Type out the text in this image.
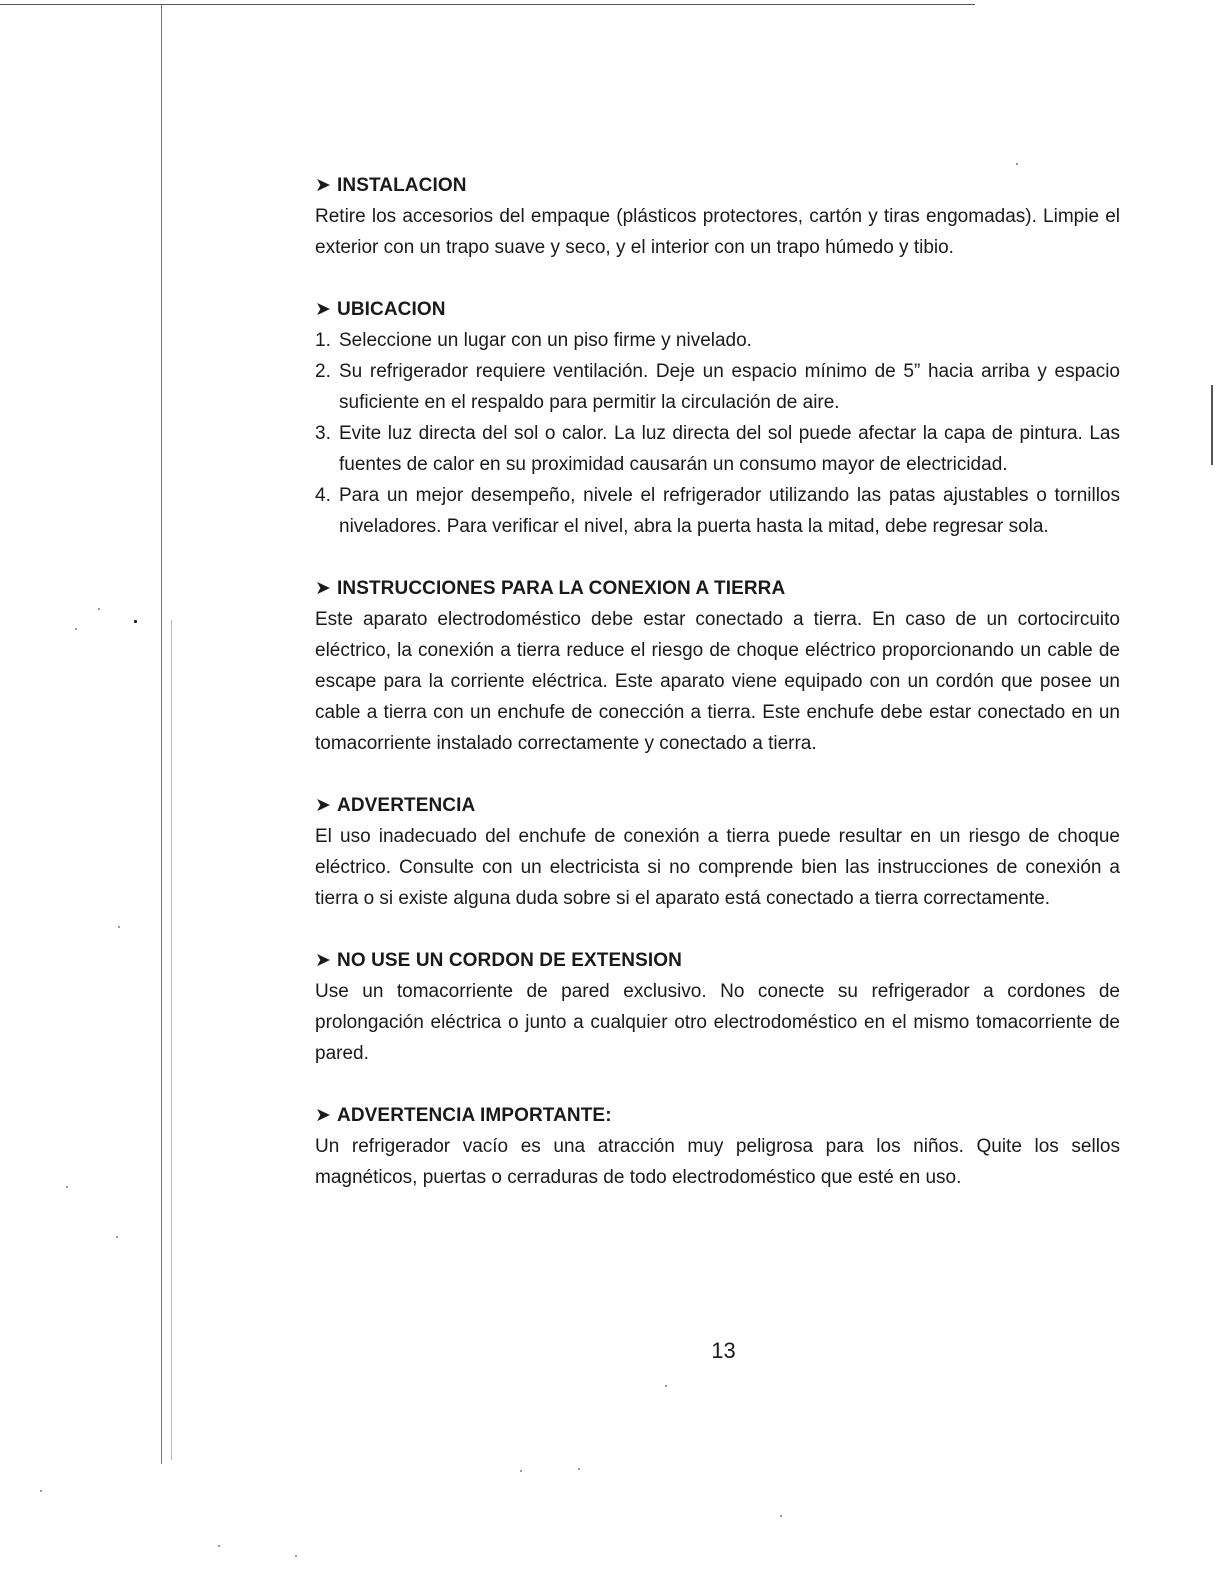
➤ INSTALACION

Retire los accesorios del empaque (plásticos protectores, cartón y tiras engomadas). Limpie el exterior con un trapo suave y seco, y el interior con un trapo húmedo y tibio.

➤ UBICACION
1. Seleccione un lugar con un piso firme y nivelado.
2. Su refrigerador requiere ventilación. Deje un espacio mínimo de 5” hacia arriba y espacio suficiente en el respaldo para permitir la circulación de aire.
3. Evite luz directa del sol o calor. La luz directa del sol puede afectar la capa de pintura. Las fuentes de calor en su proximidad causarán un consumo mayor de electricidad.
4. Para un mejor desempeño, nivele el refrigerador utilizando las patas ajustables o tornillos niveladores. Para verificar el nivel, abra la puerta hasta la mitad, debe regresar sola.
➤ INSTRUCCIONES PARA LA CONEXION A TIERRA

Este aparato electrodoméstico debe estar conectado a tierra. En caso de un cortocircuito eléctrico, la conexión a tierra reduce el riesgo de choque eléctrico proporcionando un cable de escape para la corriente eléctrica. Este aparato viene equipado con un cordón que posee un cable a tierra con un enchufe de conección a tierra. Este enchufe debe estar conectado en un tomacorriente instalado correctamente y conectado a tierra.

➤ ADVERTENCIA

El uso inadecuado del enchufe de conexión a tierra puede resultar en un riesgo de choque eléctrico. Consulte con un electricista si no comprende bien las instrucciones de conexión a tierra o si existe alguna duda sobre si el aparato está conectado a tierra correctamente.

➤ NO USE UN CORDON DE EXTENSION

Use un tomacorriente de pared exclusivo. No conecte su refrigerador a cordones de prolongación eléctrica o junto a cualquier otro electrodoméstico en el mismo tomacorriente de pared.

➤ ADVERTENCIA IMPORTANTE:

Un refrigerador vacío es una atracción muy peligrosa para los niños. Quite los sellos magnéticos, puertas o cerraduras de todo electrodoméstico que esté en uso.

13
